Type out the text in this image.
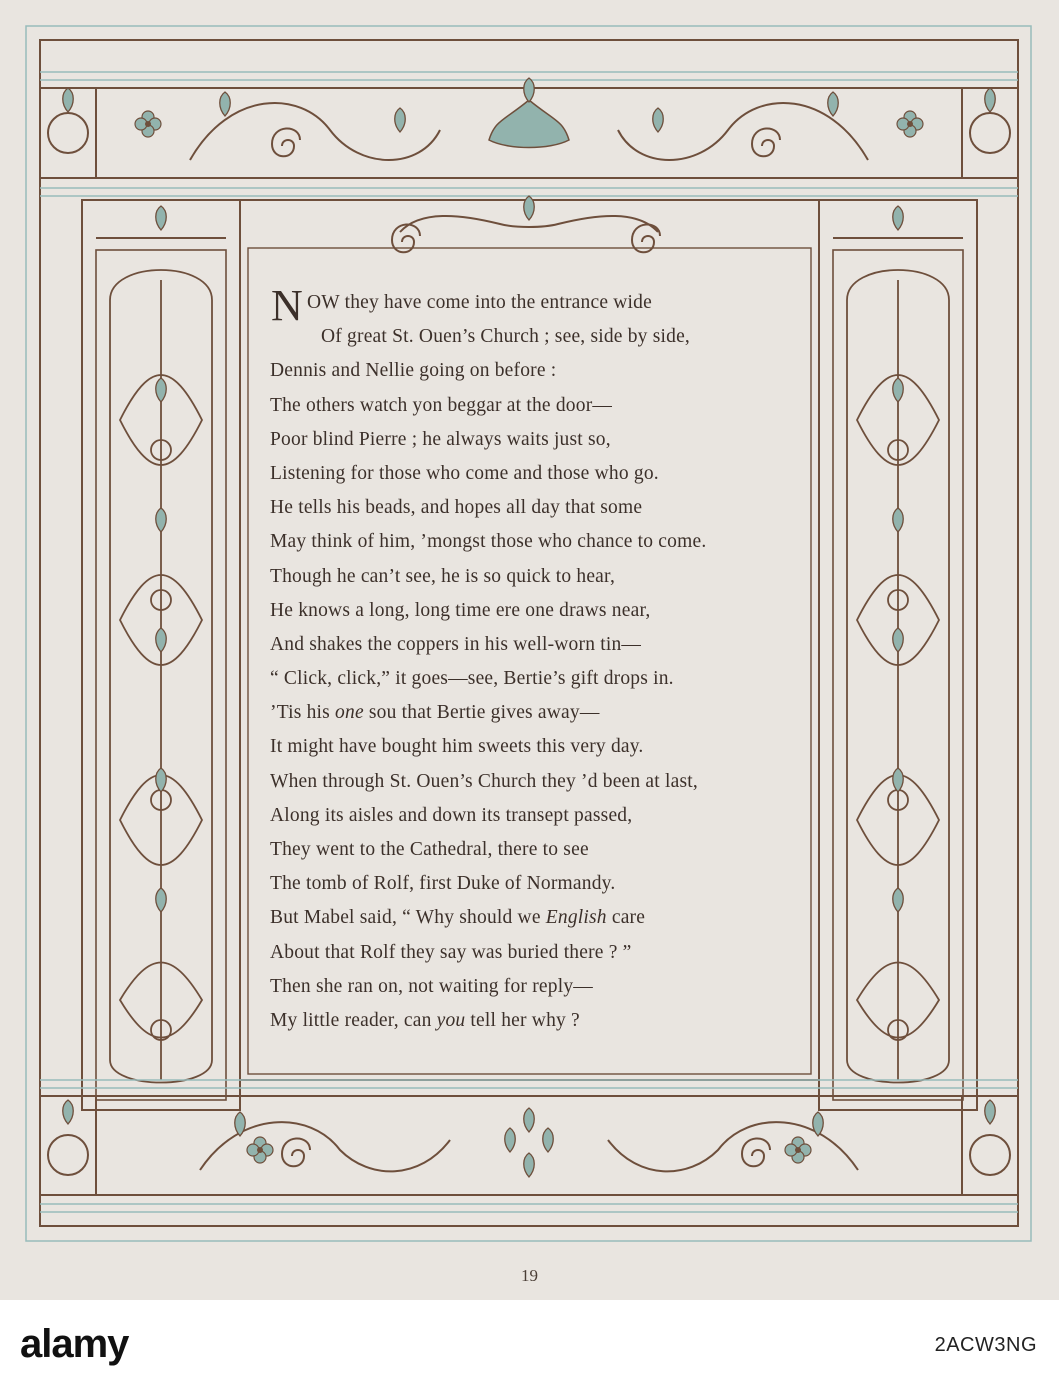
NOW they have come into the entrance wide
Of great St. Ouen’s Church ; see, side by side,
Dennis and Nellie going on before :
The others watch yon beggar at the door—
Poor blind Pierre ; he always waits just so,
Listening for those who come and those who go.
He tells his beads, and hopes all day that some
May think of him, ’mongst those who chance to come.
Though he can’t see, he is so quick to hear,
He knows a long, long time ere one draws near,
And shakes the coppers in his well-worn tin—
“ Click, click,” it goes—see, Bertie’s gift drops in.
’Tis his one sou that Bertie gives away—
It might have bought him sweets this very day.
When through St. Ouen’s Church they ’d been at last,
Along its aisles and down its transept passed,
They went to the Cathedral, there to see
The tomb of Rolf, first Duke of Normandy.
But Mabel said, “ Why should we English care
About that Rolf they say was buried there ? ”
Then she ran on, not waiting for reply—
My little reader, can you tell her why ?
19
alamy	2ACW3NG
